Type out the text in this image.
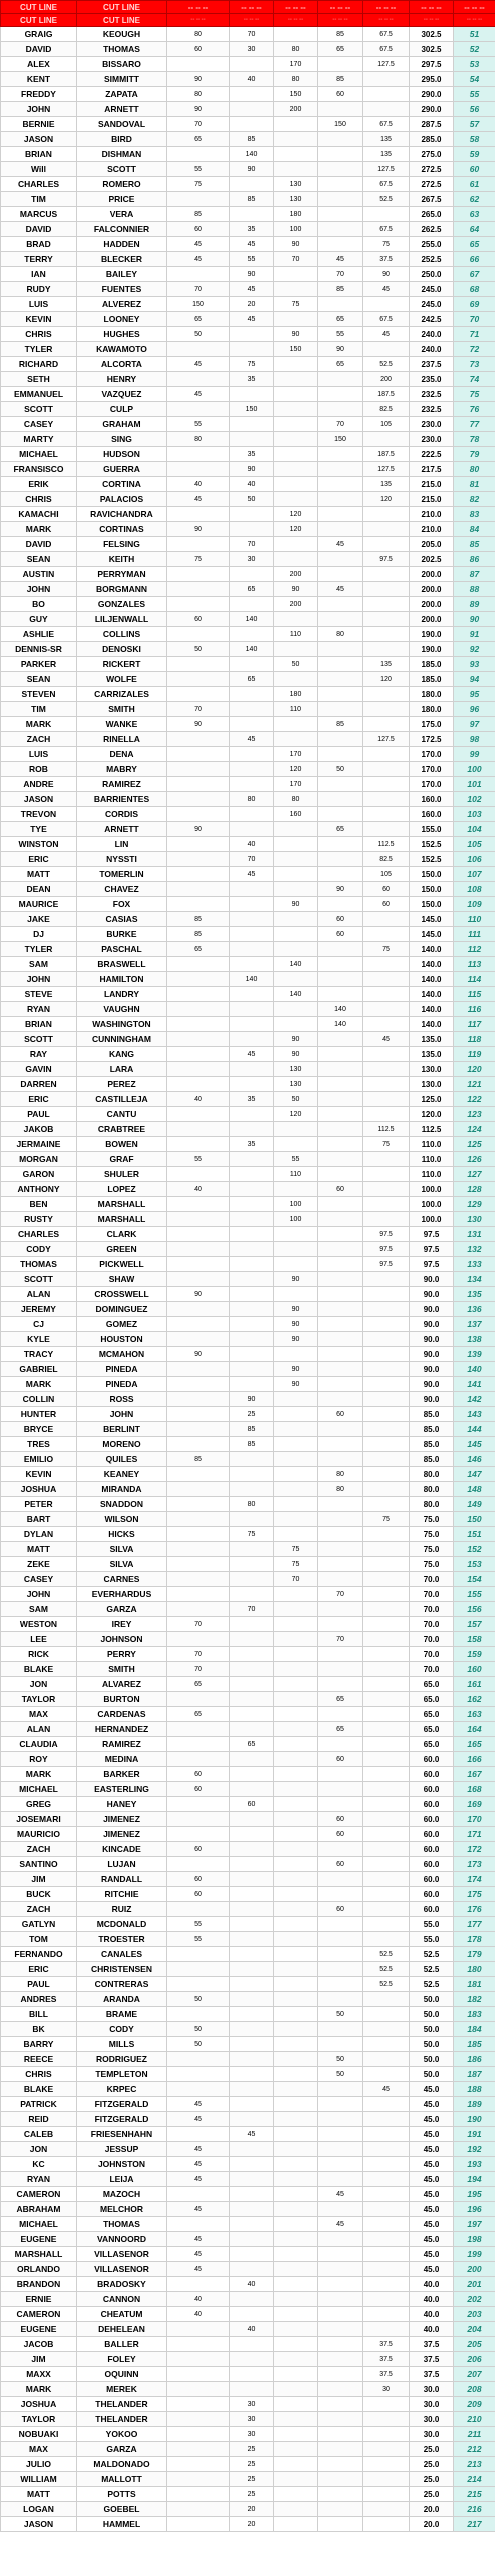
CUT LINE	CUT LINE	-- -- --	-- -- --	-- -- --	-- -- --	-- -- --	-- -- --	-- -- --
CUT LINE	CUT LINE	-- -- --	-- -- --	-- -- --	-- -- --	-- -- --	-- -- --	-- -- --
GRAIG	KEOUGH	80	70		85	67.5	302.5	51
DAVID	THOMAS	60	30	80	65	67.5	302.5	52
ALEX	BISSARO			170		127.5	297.5	53
KENT	SIMMITT	90	40	80	85		295.0	54
FREDDY	ZAPATA	80		150	60		290.0	55
JOHN	ARNETT	90		200			290.0	56
BERNIE	SANDOVAL	70			150	67.5	287.5	57
JASON	BIRD	65	85			135	285.0	58
BRIAN	DISHMAN		140			135	275.0	59
Will	SCOTT	55	90			127.5	272.5	60
CHARLES	ROMERO	75		130		67.5	272.5	61
TIM	PRICE		85	130		52.5	267.5	62
MARCUS	VERA	85		180			265.0	63
DAVID	FALCONNIER	60	35	100		67.5	262.5	64
BRAD	HADDEN	45	45	90		75	255.0	65
TERRY	BLECKER	45	55	70	45	37.5	252.5	66
IAN	BAILEY		90		70	90	250.0	67
RUDY	FUENTES	70	45		85	45	245.0	68
LUIS	ALVEREZ	150	20	75			245.0	69
KEVIN	LOONEY	65	45		65	67.5	242.5	70
CHRIS	HUGHES	50		90	55	45	240.0	71
TYLER	KAWAMOTO			150	90		240.0	72
RICHARD	ALCORTA	45	75		65	52.5	237.5	73
SETH	HENRY		35			200	235.0	74
EMMANUEL	VAZQUEZ	45				187.5	232.5	75
SCOTT	CULP		150			82.5	232.5	76
CASEY	GRAHAM	55			70	105	230.0	77
MARTY	SING	80			150		230.0	78
MICHAEL	HUDSON		35			187.5	222.5	79
FRANSISCO	GUERRA		90			127.5	217.5	80
ERIK	CORTINA	40	40			135	215.0	81
CHRIS	PALACIOS	45	50			120	215.0	82
KAMACHI	RAVICHANDRA			120			210.0	83
MARK	CORTINAS	90		120			210.0	84
DAVID	FELSING		70		45		205.0	85
SEAN	KEITH	75	30			97.5	202.5	86
AUSTIN	PERRYMAN			200			200.0	87
JOHN	BORGMANN		65	90	45		200.0	88
BO	GONZALES			200			200.0	89
GUY	LILJENWALL	60	140				200.0	90
ASHLIE	COLLINS			110	80		190.0	91
DENNIS-SR	DENOSKI	50	140				190.0	92
PARKER	RICKERT			50		135	185.0	93
SEAN	WOLFE		65			120	185.0	94
STEVEN	CARRIZALES			180			180.0	95
TIM	SMITH	70		110			180.0	96
MARK	WANKE	90			85		175.0	97
ZACH	RINELLA		45			127.5	172.5	98
LUIS	DENA			170			170.0	99
ROB	MABRY			120	50		170.0	100
ANDRE	RAMIREZ			170			170.0	101
JASON	BARRIENTES		80	80			160.0	102
TREVON	CORDIS			160			160.0	103
TYE	ARNETT	90			65		155.0	104
WINSTON	LIN		40			112.5	152.5	105
ERIC	NYSSTI		70			82.5	152.5	106
MATT	TOMERLIN		45			105	150.0	107
DEAN	CHAVEZ				90	60	150.0	108
MAURICE	FOX			90		60	150.0	109
JAKE	CASIAS	85			60		145.0	110
DJ	BURKE	85			60		145.0	111
TYLER	PASCHAL	65				75	140.0	112
SAM	BRASWELL			140			140.0	113
JOHN	HAMILTON		140				140.0	114
STEVE	LANDRY			140			140.0	115
RYAN	VAUGHN				140		140.0	116
BRIAN	WASHINGTON				140		140.0	117
SCOTT	CUNNINGHAM			90		45	135.0	118
RAY	KANG		45	90			135.0	119
GAVIN	LARA			130			130.0	120
DARREN	PEREZ			130			130.0	121
ERIC	CASTILLEJA	40	35	50			125.0	122
PAUL	CANTU			120			120.0	123
JAKOB	CRABTREE					112.5	112.5	124
JERMAINE	BOWEN		35			75	110.0	125
MORGAN	GRAF	55		55			110.0	126
GARON	SHULER			110			110.0	127
ANTHONY	LOPEZ	40			60		100.0	128
BEN	MARSHALL			100			100.0	129
RUSTY	MARSHALL			100			100.0	130
CHARLES	CLARK					97.5	97.5	131
CODY	GREEN					97.5	97.5	132
THOMAS	PICKWELL					97.5	97.5	133
SCOTT	SHAW			90			90.0	134
ALAN	CROSSWELL	90					90.0	135
JEREMY	DOMINGUEZ			90			90.0	136
CJ	GOMEZ			90			90.0	137
KYLE	HOUSTON			90			90.0	138
TRACY	MCMAHON	90					90.0	139
GABRIEL	PINEDA			90			90.0	140
MARK	PINEDA			90			90.0	141
COLLIN	ROSS		90				90.0	142
HUNTER	JOHN		25		60		85.0	143
BRYCE	BERLINT		85				85.0	144
TRES	MORENO		85				85.0	145
EMILIO	QUILES	85					85.0	146
KEVIN	KEANEY				80		80.0	147
JOSHUA	MIRANDA				80		80.0	148
PETER	SNADDON		80				80.0	149
BART	WILSON					75	75.0	150
DYLAN	HICKS		75				75.0	151
MATT	SILVA			75			75.0	152
ZEKE	SILVA			75			75.0	153
CASEY	CARNES			70			70.0	154
JOHN	EVERHARDUS				70		70.0	155
SAM	GARZA		70				70.0	156
WESTON	IREY	70					70.0	157
LEE	JOHNSON				70		70.0	158
RICK	PERRY	70					70.0	159
BLAKE	SMITH	70					70.0	160
JON	ALVAREZ	65					65.0	161
TAYLOR	BURTON				65		65.0	162
MAX	CARDENAS	65					65.0	163
ALAN	HERNANDEZ				65		65.0	164
CLAUDIA	RAMIREZ		65				65.0	165
ROY	MEDINA				60		60.0	166
MARK	BARKER	60					60.0	167
MICHAEL	EASTERLING	60					60.0	168
GREG	HANEY		60				60.0	169
JOSEMARI	JIMENEZ				60		60.0	170
MAURICIO	JIMENEZ				60		60.0	171
ZACH	KINCADE	60					60.0	172
SANTINO	LUJAN				60		60.0	173
JIM	RANDALL	60					60.0	174
BUCK	RITCHIE	60					60.0	175
ZACH	RUIZ				60		60.0	176
GATLYN	MCDONALD	55					55.0	177
TOM	TROESTER	55					55.0	178
FERNANDO	CANALES					52.5	52.5	179
ERIC	CHRISTENSEN					52.5	52.5	180
PAUL	CONTRERAS					52.5	52.5	181
ANDRES	ARANDA	50					50.0	182
BILL	BRAME				50		50.0	183
BK	CODY	50					50.0	184
BARRY	MILLS	50					50.0	185
REECE	RODRIGUEZ				50		50.0	186
CHRIS	TEMPLETON				50		50.0	187
BLAKE	KRPEC					45	45.0	188
PATRICK	FITZGERALD	45					45.0	189
REID	FITZGERALD	45					45.0	190
CALEB	FRIESENHAHN		45				45.0	191
JON	JESSUP	45					45.0	192
KC	JOHNSTON	45					45.0	193
RYAN	LEIJA	45					45.0	194
CAMERON	MAZOCH				45		45.0	195
ABRAHAM	MELCHOR	45					45.0	196
MICHAEL	THOMAS				45		45.0	197
EUGENE	VANNOORD	45					45.0	198
MARSHALL	VILLASENOR	45					45.0	199
ORLANDO	VILLASENOR	45					45.0	200
BRANDON	BRADOSKY		40				40.0	201
ERNIE	CANNON	40					40.0	202
CAMERON	CHEATUM	40					40.0	203
EUGENE	DEHELEAN		40				40.0	204
JACOB	BALLER					37.5	37.5	205
JIM	FOLEY					37.5	37.5	206
MAXX	OQUINN					37.5	37.5	207
MARK	MEREK					30	30.0	208
JOSHUA	THELANDER		30				30.0	209
TAYLOR	THELANDER		30				30.0	210
NOBUAKI	YOKOO		30				30.0	211
MAX	GARZA		25				25.0	212
JULIO	MALDONADO		25				25.0	213
WILLIAM	MALLOTT		25				25.0	214
MATT	POTTS		25				25.0	215
LOGAN	GOEBEL		20				20.0	216
JASON	HAMMEL		20				20.0	217
